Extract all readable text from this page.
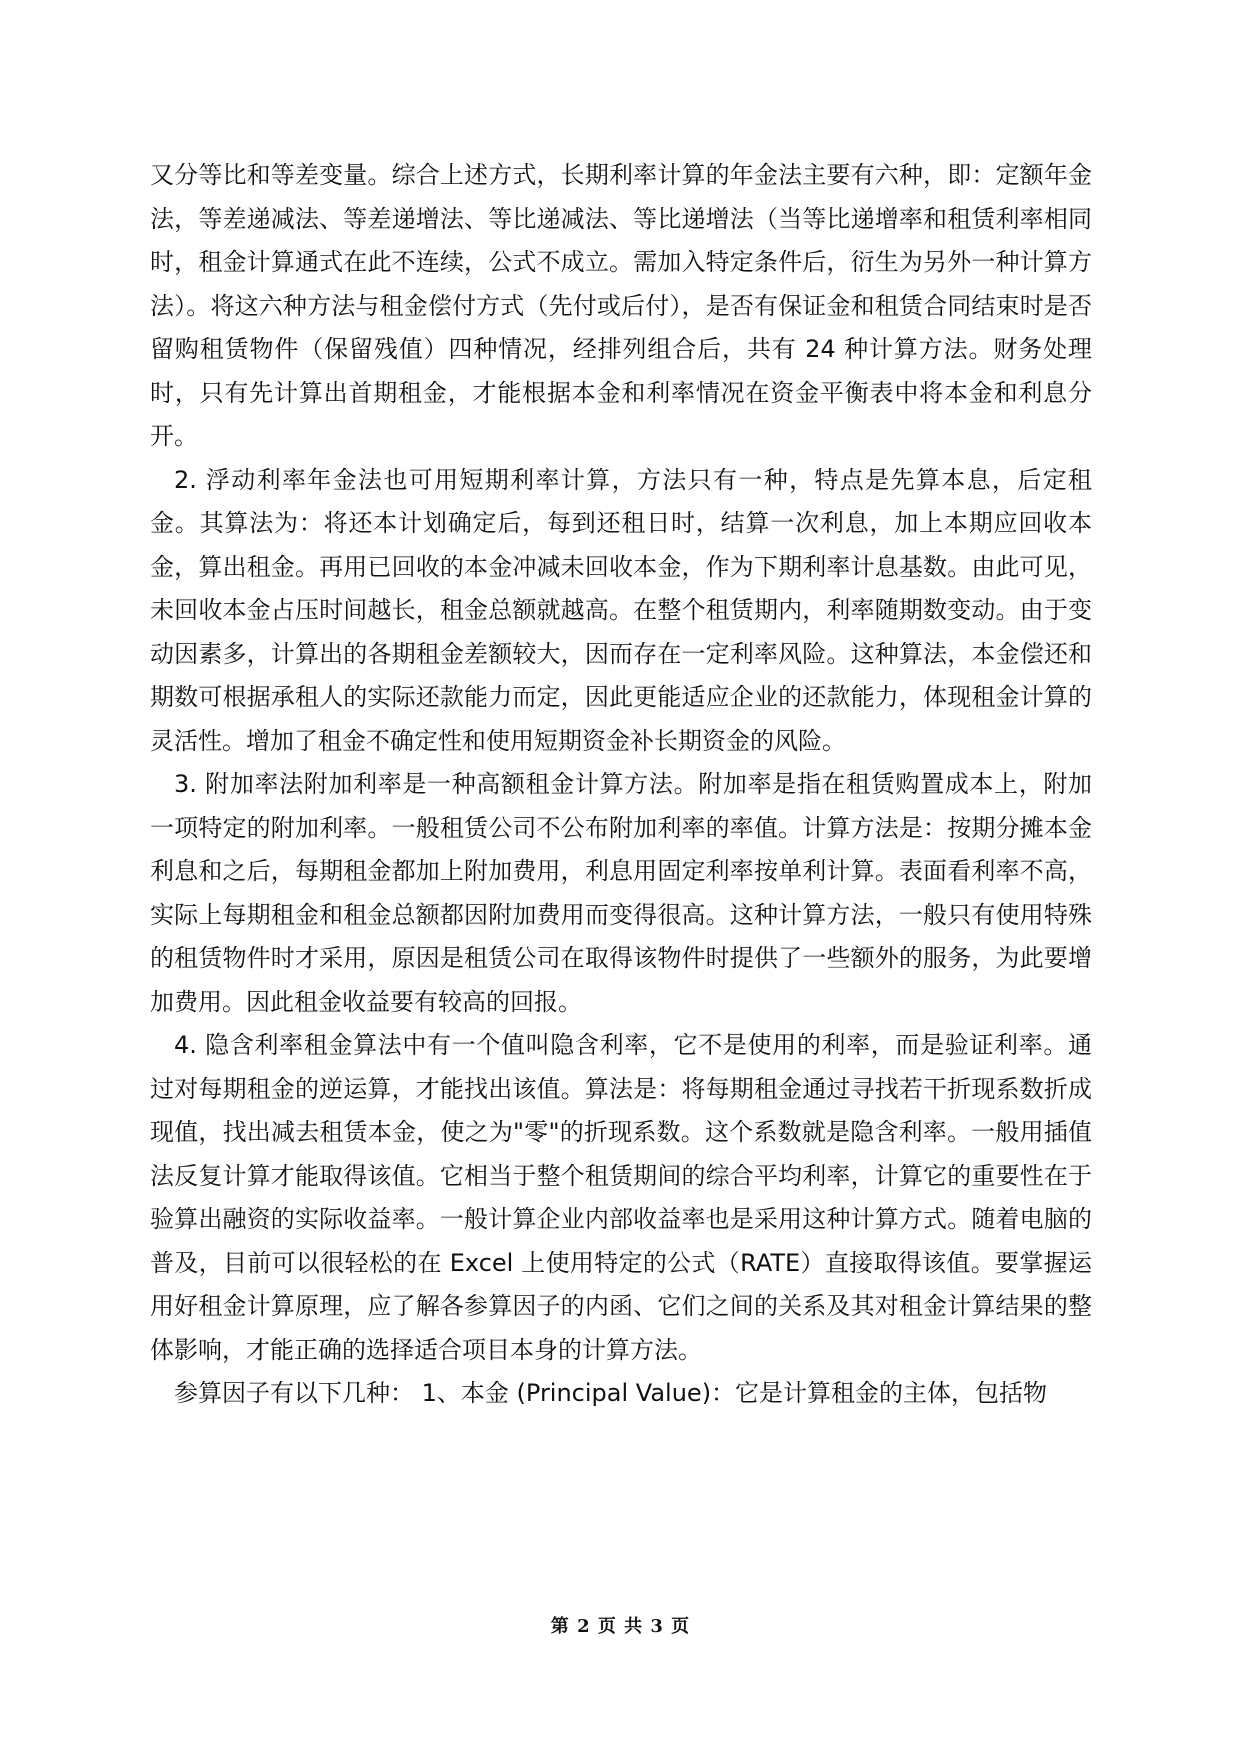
又分等比和等差变量。综合上述方式，长期利率计算的年金法主要有六种，即：定额年金法，等差递减法、等差递增法、等比递减法、等比递增法（当等比递增率和租赁利率相同时，租金计算通式在此不连续，公式不成立。需加入特定条件后，衍生为另外一种计算方法）。将这六种方法与租金偿付方式（先付或后付），是否有保证金和租赁合同结束时是否留购租赁物件（保留残值）四种情况，经排列组合后，共有 24 种计算方法。财务处理时，只有先计算出首期租金，才能根据本金和利率情况在资金平衡表中将本金和利息分开。

2. 浮动利率年金法也可用短期利率计算，方法只有一种，特点是先算本息，后定租金。其算法为：将还本计划确定后，每到还租日时，结算一次利息，加上本期应回收本金，算出租金。再用已回收的本金冲减未回收本金，作为下期利率计息基数。由此可见，未回收本金占压时间越长，租金总额就越高。在整个租赁期内，利率随期数变动。由于变动因素多，计算出的各期租金差额较大，因而存在一定利率风险。这种算法，本金偿还和期数可根据承租人的实际还款能力而定，因此更能适应企业的还款能力，体现租金计算的灵活性。增加了租金不确定性和使用短期资金补长期资金的风险。

3. 附加率法附加利率是一种高额租金计算方法。附加率是指在租赁购置成本上，附加一项特定的附加利率。一般租赁公司不公布附加利率的率值。计算方法是：按期分摊本金利息和之后，每期租金都加上附加费用，利息用固定利率按单利计算。表面看利率不高，实际上每期租金和租金总额都因附加费用而变得很高。这种计算方法，一般只有使用特殊的租赁物件时才采用，原因是租赁公司在取得该物件时提供了一些额外的服务，为此要增加费用。因此租金收益要有较高的回报。

4. 隐含利率租金算法中有一个值叫隐含利率，它不是使用的利率，而是验证利率。通过对每期租金的逆运算，才能找出该值。算法是：将每期租金通过寻找若干折现系数折成现值，找出减去租赁本金，使之为"零"的折现系数。这个系数就是隐含利率。一般用插值法反复计算才能取得该值。它相当于整个租赁期间的综合平均利率，计算它的重要性在于验算出融资的实际收益率。一般计算企业内部收益率也是采用这种计算方式。随着电脑的普及，目前可以很轻松的在 Excel 上使用特定的公式（RATE）直接取得该值。要掌握运用好租金计算原理，应了解各参算因子的内函、它们之间的关系及其对租金计算结果的整体影响，才能正确的选择适合项目本身的计算方法。

参算因子有以下几种： 1、本金 (Principal Value)：它是计算租金的主体，包括物

第 2 页 共 3 页
